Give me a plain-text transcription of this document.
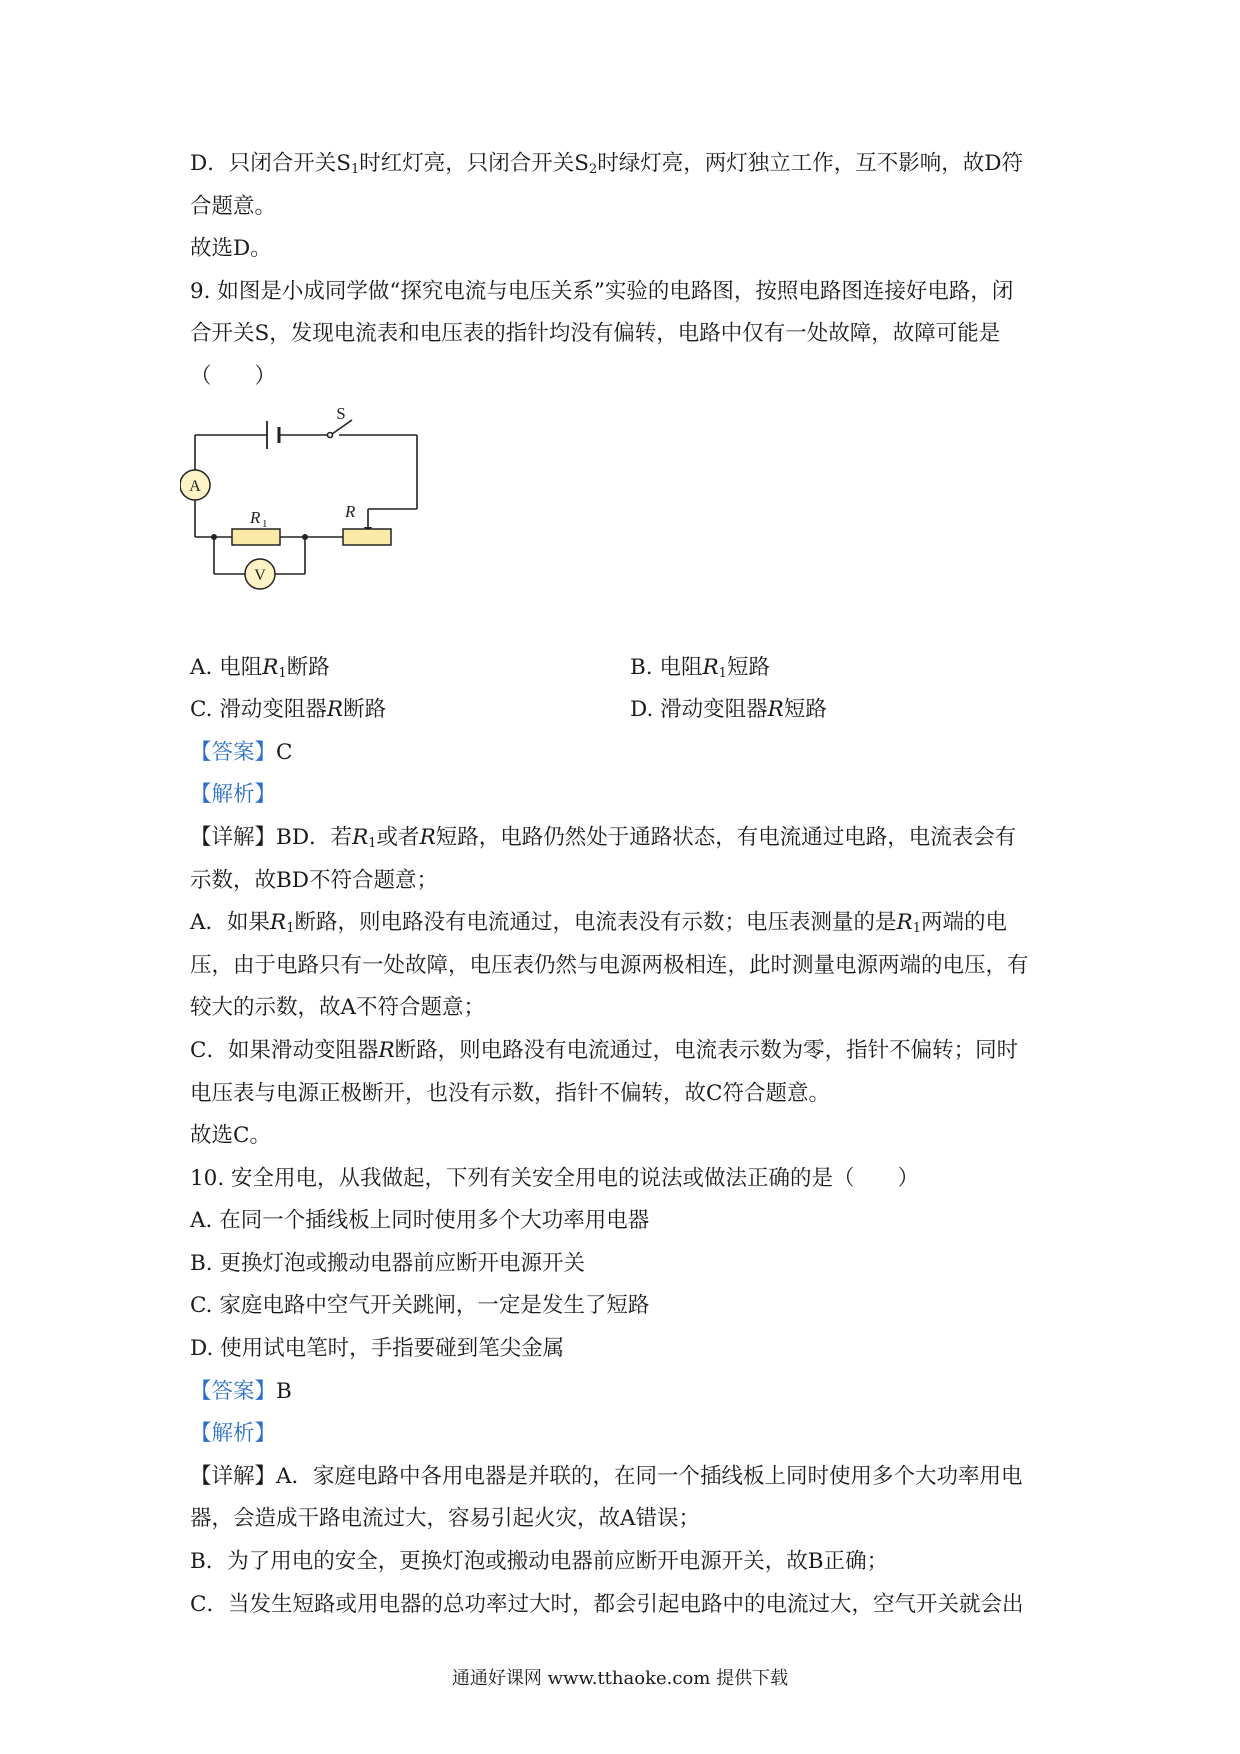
D．只闭合开关$S_1$时红灯亮，只闭合开关$S_2$时绿灯亮，两灯独立工作，互不影响，故D符
合题意。
故选D。
9. 如图是小成同学做“探究电流与电压关系”实验的电路图，按照电路图连接好电路，闭
合开关S，发现电流表和电压表的指针均没有偏转，电路中仅有一处故障，故障可能是
（　　）
A
V
S
R 1
R
A. 电阻$R_1$断路	B. 电阻$R_1$短路
C. 滑动变阻器R断路	D. 滑动变阻器R短路
【答案】C
【解析】
【详解】BD．若$R_1$或者R短路，电路仍然处于通路状态，有电流通过电路，电流表会有
示数，故BD不符合题意；
A．如果$R_1$断路，则电路没有电流通过，电流表没有示数；电压表测量的是$R_1$两端的电
压，由于电路只有一处故障，电压表仍然与电源两极相连，此时测量电源两端的电压，有
较大的示数，故A不符合题意；
C．如果滑动变阻器R断路，则电路没有电流通过，电流表示数为零，指针不偏转；同时
电压表与电源正极断开，也没有示数，指针不偏转，故C符合题意。
故选C。
10. 安全用电，从我做起，下列有关安全用电的说法或做法正确的是（　　）
A. 在同一个插线板上同时使用多个大功率用电器
B. 更换灯泡或搬动电器前应断开电源开关
C. 家庭电路中空气开关跳闸，一定是发生了短路
D. 使用试电笔时，手指要碰到笔尖金属
【答案】B
【解析】
【详解】A．家庭电路中各用电器是并联的，在同一个插线板上同时使用多个大功率用电
器，会造成干路电流过大，容易引起火灾，故A错误；
B．为了用电的安全，更换灯泡或搬动电器前应断开电源开关，故B正确；
C．当发生短路或用电器的总功率过大时，都会引起电路中的电流过大，空气开关就会出
通通好课网 www.tthaoke.com 提供下载
